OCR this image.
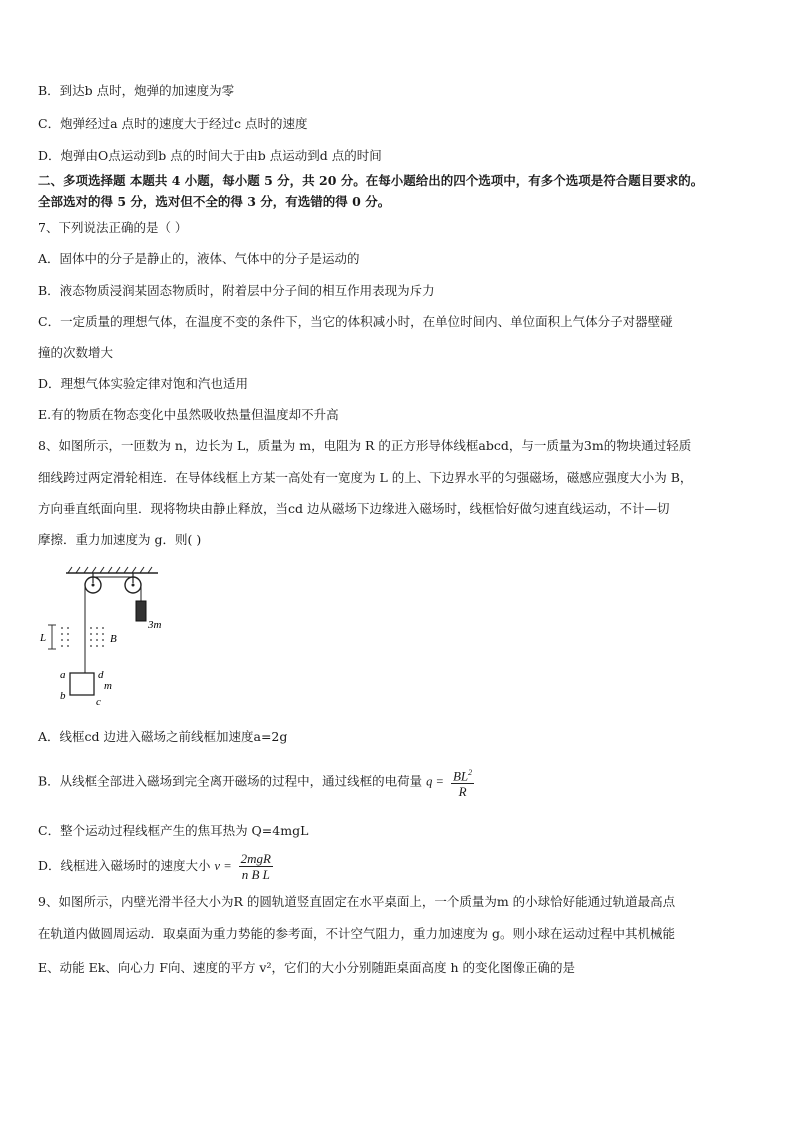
B．到达b 点时，炮弹的加速度为零
C．炮弹经过a 点时的速度大于经过c 点时的速度
D．炮弹由O点运动到b 点的时间大于由b 点运动到d 点的时间
二、多项选择题 本题共 4 小题，每小题 5 分，共 20 分。在每小题给出的四个选项中，有多个选项是符合题目要求的。
全部选对的得 5 分，选对但不全的得 3 分，有选错的得 0 分。
7、下列说法正确的是（ ）
A．固体中的分子是静止的，液体、气体中的分子是运动的
B．液态物质浸润某固态物质时，附着层中分子间的相互作用表现为斥力
C．一定质量的理想气体，在温度不变的条件下，当它的体积减小时，在单位时间内、单位面积上气体分子对器壁碰
撞的次数增大
D．理想气体实验定律对饱和汽也适用
E.有的物质在物态变化中虽然吸收热量但温度却不升高
8、如图所示，一匝数为 n，边长为 L，质量为 m，电阻为 R 的正方形导体线框abcd，与一质量为3m的物块通过轻质
细线跨过两定滑轮相连．在导体线框上方某一高处有一宽度为 L 的上、下边界水平的匀强磁场，磁感应强度大小为 B，
方向垂直纸面向里．现将物块由静止释放，当cd 边从磁场下边缘进入磁场时，线框恰好做匀速直线运动，不计—切
摩擦．重力加速度为 g．则( )
3m
L	B
a
b	c
d
m
A．线框cd 边进入磁场之前线框加速度a=2g
B．从线框全部进入磁场到完全离开磁场的过程中，通过线框的电荷量 $q = \frac{BL^2}{R}$
C．整个运动过程线框产生的焦耳热为 Q=4mgL
D．线框进入磁场时的速度大小 $v = \frac{\text{2mgR}}{\text{n B L}}$
9、如图所示，内壁光滑半径大小为R 的圆轨道竖直固定在水平桌面上，一个质量为m 的小球恰好能通过轨道最高点
在轨道内做圆周运动．取桌面为重力势能的参考面，不计空气阻力，重力加速度为 g。则小球在运动过程中其机械能
E、动能 Ek、向心力 F向、速度的平方 v²，它们的大小分别随距桌面高度 h 的变化图像正确的是
